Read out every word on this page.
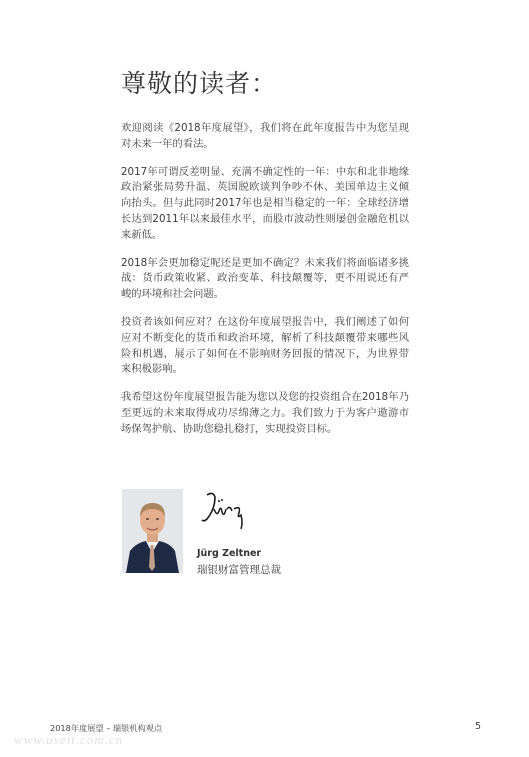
尊敬的读者：

欢迎阅读《2018年度展望》，我们将在此年度报告中为您呈现对未来一年的看法。

2017年可谓反差明显、充满不确定性的一年：中东和北非地缘政治紧张局势升温、英国脱欧谈判争吵不休、美国单边主义倾向抬头。但与此同时2017年也是相当稳定的一年：全球经济增长达到2011年以来最佳水平，而股市波动性则屡创金融危机以来新低。

2018年会更加稳定呢还是更加不确定？未来我们将面临诸多挑战：货币政策收紧、政治变革、科技颠覆等，更不用说还有严峻的环境和社会问题。

投资者该如何应对？在这份年度展望报告中，我们阐述了如何应对不断变化的货币和政治环境，解析了科技颠覆带来哪些风险和机遇，展示了如何在不影响财务回报的情况下，为世界带来积极影响。

我希望这份年度展望报告能为您以及您的投资组合在2018年乃至更远的未来取得成功尽绵薄之力。我们致力于为客户遨游市场保驾护航、协助您稳扎稳打，实现投资目标。

Jürg Zeltner
瑞银财富管理总裁
2018年度展望 – 瑞银机构观点	5
www.useit.com.cn
